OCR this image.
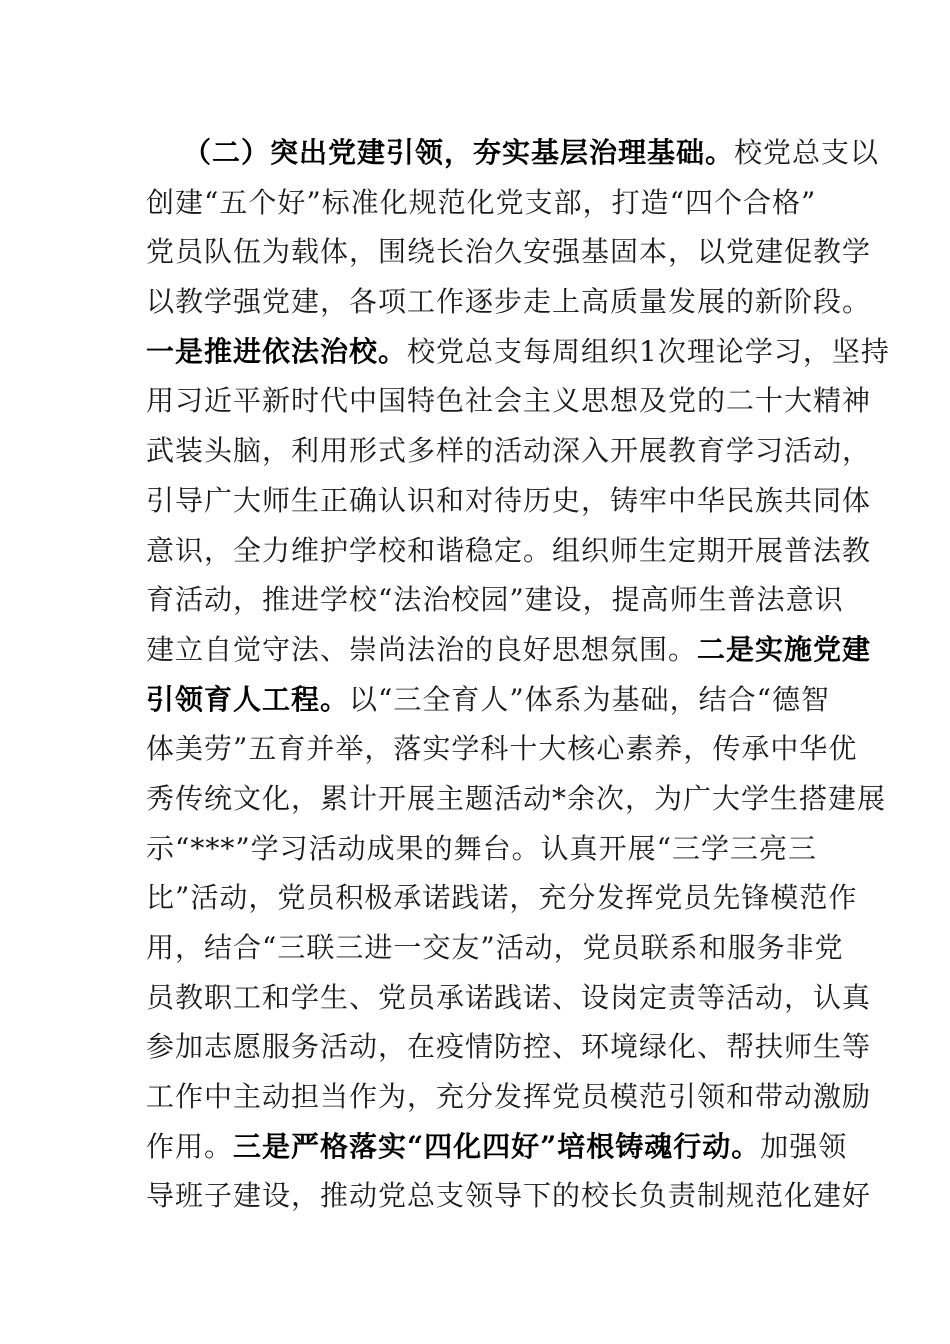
（二）突出党建引领，夯实基层治理基础。校党总支以
创建“五个好”标准化规范化党支部，打造“四个合格”
党员队伍为载体，围绕长治久安强基固本，以党建促教学
以教学强党建，各项工作逐步走上高质量发展的新阶段。
一是推进依法治校。校党总支每周组织1次理论学习，坚持
用习近平新时代中国特色社会主义思想及党的二十大精神
武装头脑，利用形式多样的活动深入开展教育学习活动，
引导广大师生正确认识和对待历史，铸牢中华民族共同体
意识，全力维护学校和谐稳定。组织师生定期开展普法教
育活动，推进学校“法治校园”建设，提高师生普法意识
建立自觉守法、崇尚法治的良好思想氛围。二是实施党建
引领育人工程。以“三全育人”体系为基础，结合“德智
体美劳”五育并举，落实学科十大核心素养，传承中华优
秀传统文化，累计开展主题活动*余次，为广大学生搭建展
示“***”学习活动成果的舞台。认真开展“三学三亮三
比”活动，党员积极承诺践诺，充分发挥党员先锋模范作
用，结合“三联三进一交友”活动，党员联系和服务非党
员教职工和学生、党员承诺践诺、设岗定责等活动，认真
参加志愿服务活动，在疫情防控、环境绿化、帮扶师生等
工作中主动担当作为，充分发挥党员模范引领和带动激励
作用。三是严格落实“四化四好”培根铸魂行动。加强领
导班子建设，推动党总支领导下的校长负责制规范化建好
